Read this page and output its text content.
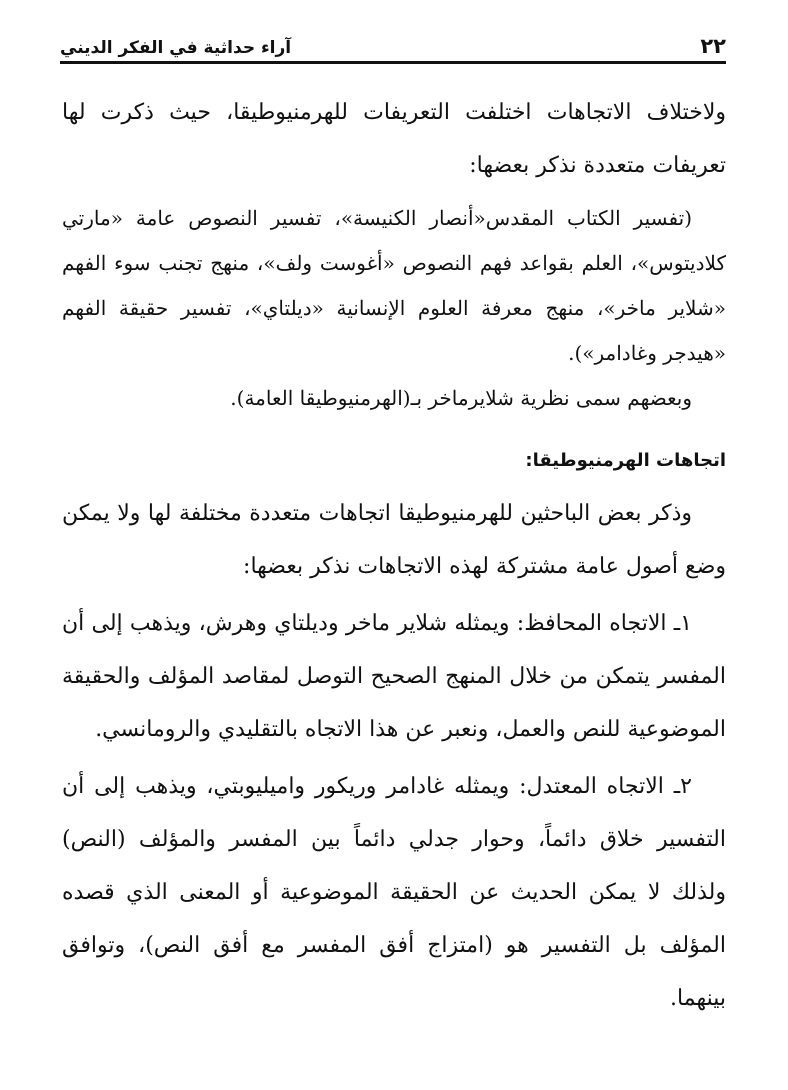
٢٢
آراء حداثية في الفكر الديني

ولاختلاف الاتجاهات اختلفت التعريفات للهرمنيوطيقا، حيث ذكرت لها تعريفات متعددة نذكر بعضها:

(تفسير الكتاب المقدس«أنصار الكنيسة»، تفسير النصوص عامة «مارتي كلاديتوس»، العلم بقواعد فهم النصوص «أغوست ولف»، منهج تجنب سوء الفهم «شلاير ماخر»، منهج معرفة العلوم الإنسانية «ديلتاي»، تفسير حقيقة الفهم «هيدجر وغادامر»).

وبعضهم سمى نظرية شلايرماخر بـ(الهرمنيوطيقا العامة).

اتجاهات الهرمنيوطيقا:

وذكر بعض الباحثين للهرمنيوطيقا اتجاهات متعددة مختلفة لها ولا يمكن وضع أصول عامة مشتركة لهذه الاتجاهات نذكر بعضها:

١ـ الاتجاه المحافظ: ويمثله شلاير ماخر وديلتاي وهرش، ويذهب إلى أن المفسر يتمكن من خلال المنهج الصحيح التوصل لمقاصد المؤلف والحقيقة الموضوعية للنص والعمل، ونعبر عن هذا الاتجاه بالتقليدي والرومانسي.

٢ـ الاتجاه المعتدل: ويمثله غادامر وريكور واميليوبتي، ويذهب إلى أن التفسير خلاق دائماً، وحوار جدلي دائماً بين المفسر والمؤلف (النص) ولذلك لا يمكن الحديث عن الحقيقة الموضوعية أو المعنى الذي قصده المؤلف بل التفسير هو (امتزاج أفق المفسر مع أفق النص)، وتوافق بينهما.
